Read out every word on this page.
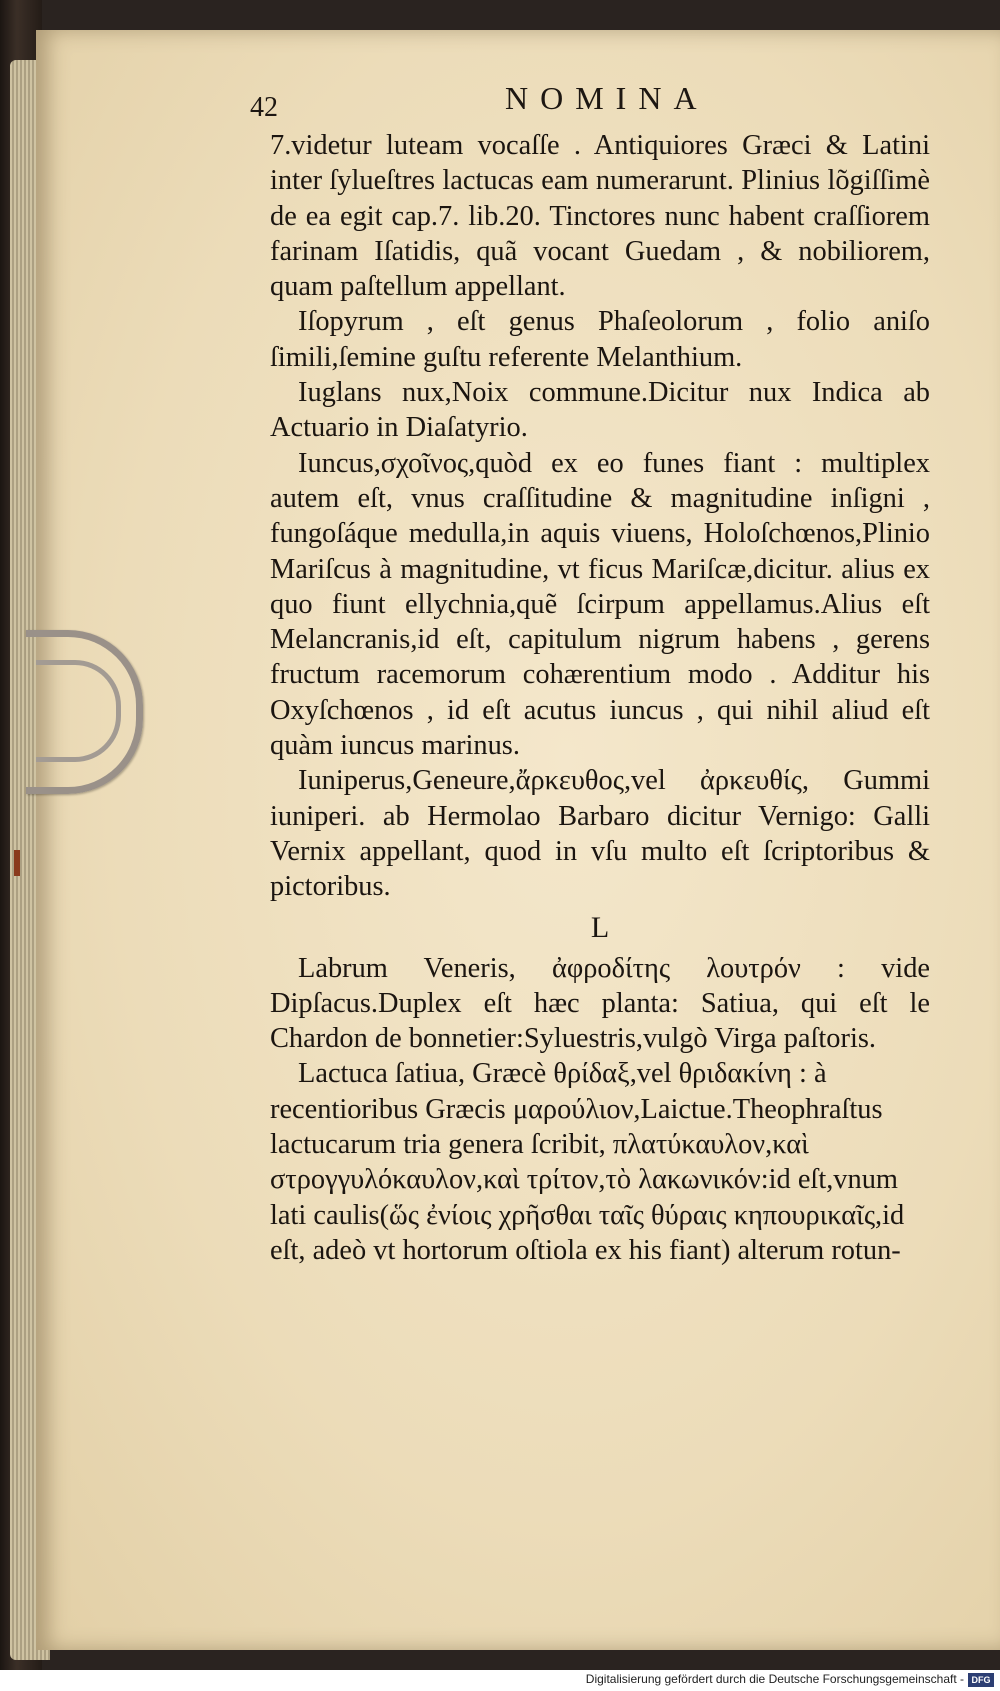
42	NOMINA

7.videtur luteam vocaſſe . Antiquiores Græci & Latini inter ſylueſtres lactucas eam numerarunt. Plinius lõgiſſimè de ea egit cap.7. lib.20. Tinctores nunc habent craſſiorem farinam Iſatidis, quã vocant Guedam , & nobiliorem, quam paſtellum appellant.

Iſopyrum , eſt genus Phaſeolorum , folio aniſo ſimili,ſemine guſtu referente Melanthium.

Iuglans nux,Noix commune.Dicitur nux Indica ab Actuario in Diaſatyrio.

Iuncus,σχοῖνος,quòd ex eo funes fiant : multiplex autem eſt, vnus craſſitudine & magnitudine inſigni , fungoſáque medulla,in aquis viuens, Holoſchœnos,Plinio Mariſcus à magnitudine, vt ficus Mariſcæ,dicitur. alius ex quo fiunt ellychnia,quẽ ſcirpum appellamus.Alius eſt Melancranis,id eſt, capitulum nigrum habens , gerens fructum racemorum cohærentium modo . Additur his Oxyſchœnos , id eſt acutus iuncus , qui nihil aliud eſt quàm iuncus marinus.

Iuniperus,Geneure,ἄρκευθος,vel ἀρκευθίς, Gummi iuniperi. ab Hermolao Barbaro dicitur Vernigo: Galli Vernix appellant, quod in vſu multo eſt ſcriptoribus & pictoribus.

L

Labrum Veneris, ἀφροδίτης λουτρόν : vide Dipſacus.Duplex eſt hæc planta: Satiua, qui eſt le Chardon de bonnetier:Syluestris,vulgò Virga paſtoris.

Lactuca ſatiua, Græcè θρίδαξ,vel θριδακίνη : à recentioribus Græcis μαρούλιον,Laictue.Theophraſtus lactucarum tria genera ſcribit, πλατύκαυλον,καὶ στρογγυλόκαυλον,καὶ τρίτον,τὸ λακωνικόν:id eſt,vnum lati caulis(ὥς ἐνίοις χρῆσθαι ταῖς θύραις κηπουρικαῖς,id eſt, adeò vt hortorum oſtiola ex his fiant) alterum rotun-

Digitalisierung gefördert durch die Deutsche Forschungsgemeinschaft - DFG
